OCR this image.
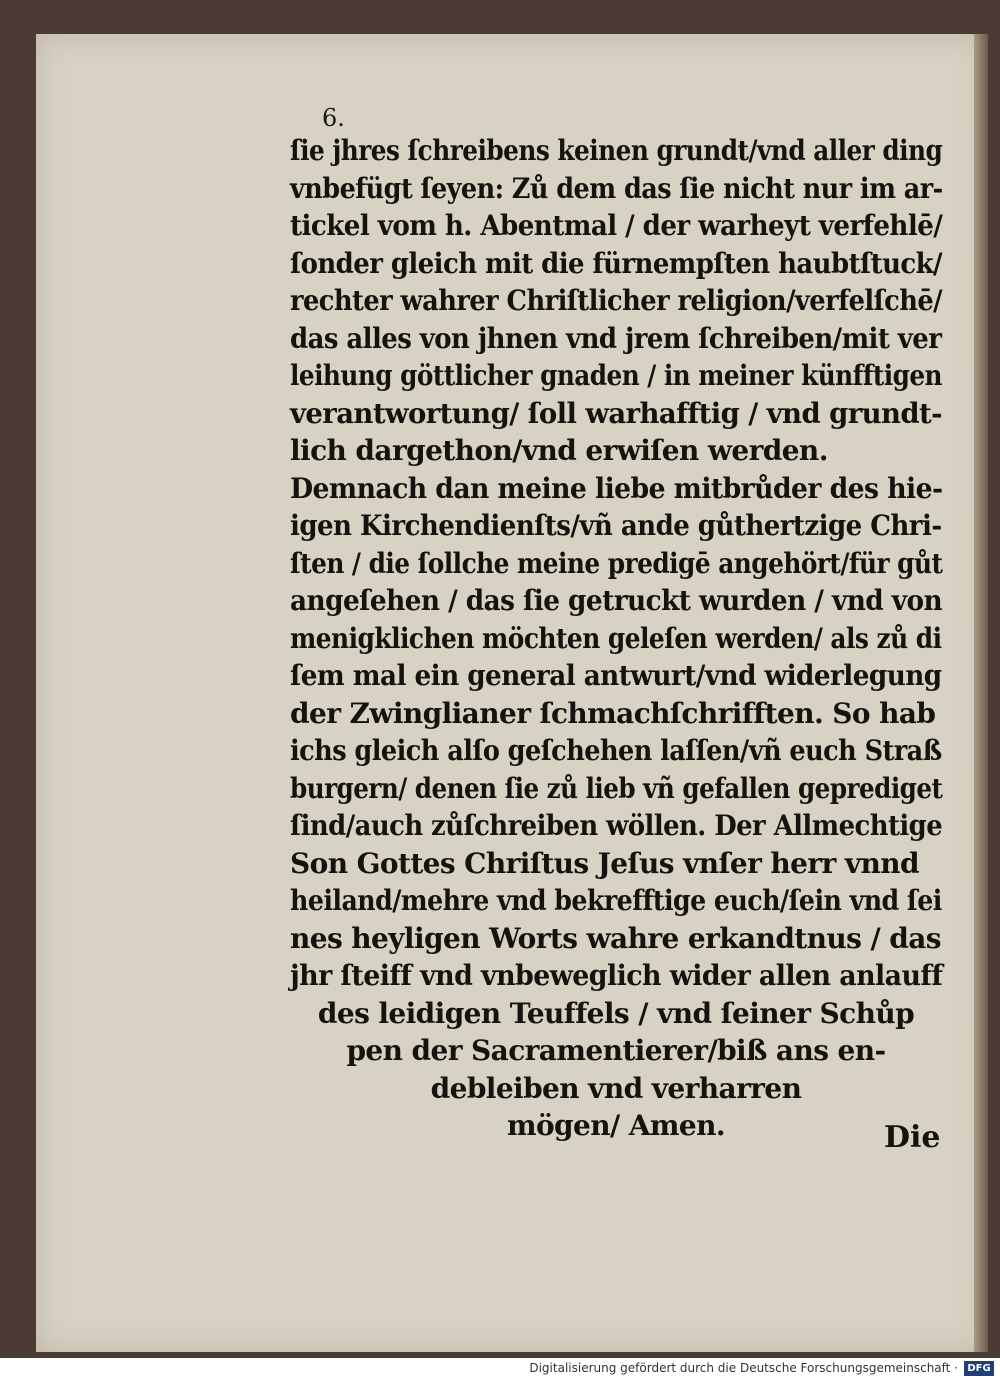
6.
ſie jhres ſchreibens keinen grundt/vnd aller ding
vnbefügt ſeyen: Zů dem das ſie nicht nur im ar-
tickel vom h. Abentmal / der warheyt verfehlē/
ſonder gleich mit die fürnempſten haubtſtuck/
rechter wahrer Chriſtlicher religion/verfelſchē/
das alles von jhnen vnd jrem ſchreiben/mit ver
leihung göttlicher gnaden / in meiner künfftigen
verantwortung/ ſoll warhafftig / vnd grundt-
lich dargethon/vnd erwiſen werden.
Demnach dan meine liebe mitbrůder des hie-
igen Kirchendienſts/vñ ande gůthertzige Chri-
ſten / die ſollche meine predigē angehört/für gůt
angeſehen / das ſie getruckt wurden / vnd von
menigklichen möchten geleſen werden/ als zů di
ſem mal ein general antwurt/vnd widerlegung
der Zwinglianer ſchmachſchrifften. So hab
ichs gleich alſo geſchehen laſſen/vñ euch Straß
burgern/ denen ſie zů lieb vñ gefallen geprediget
ſind/auch zůſchreiben wöllen. Der Allmechtige
Son Gottes Chriſtus Jeſus vnſer herr vnnd
heiland/mehre vnd bekrefftige euch/ſein vnd ſei
nes heyligen Worts wahre erkandtnus / das
jhr ſteiff vnd vnbeweglich wider allen anlauff
des leidigen Teuffels / vnd ſeiner Schůp
pen der Sacramentierer/biß ans en-
debleiben vnd verharren
mögen/ Amen.	Die

Digitalisierung gefördert durch die Deutsche Forschungsgemeinschaft · DFG
